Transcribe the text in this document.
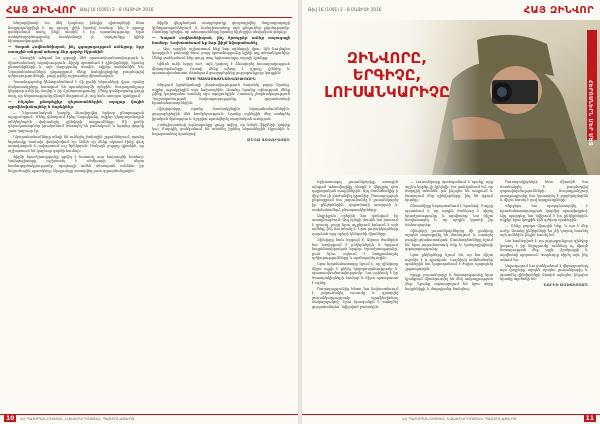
ՀԱՅ ԶԻՆՎՈՐ Թիվ 16 (1091) 2 - 8 ՄԱՅԻՍԻ 2016

Գեղարվեստի ևս մեկ կարևոր խնդիր դիտողների հետ հաղորդակցվելն է, որ պարզ լինի նրանց համար՝ ինչ է գրողը ցանկանում ասել, ինչի մասին է իր պատմությունը։ Եթե ստեղծագործությունը հասկանալի չէ, արդյունքը կլինի հիասթափություն։

— Պարոն Հովհաննիսյան, ինչ զգացողություն ունեցաք, երբ առաջին անգամ տեսաք ձեր գործը էկրանին։

— Առաջին անգամ ես զգացի մեծ պատասխանատվություն և միաժամանակ ուրախություն։ Ֆիլմը պատմում է զինվորների, նրանց ընտանիքների և այն մարդկանց մասին, ովքեր սահմանին են։ Նկարահանումների ընթացքում մենք հանդիպեցինք բազմաթիվ դժվարությունների, բայց թիմը աշխատեց միասնական։

Պատմությունը կենտրոնանում է մի քանի հերոսների վրա, որոնց ճակատագրերը հատվում են պատերազմի օրերին։ Յուրաքանչյուր կերպար ունի իր ձայնը և իր ճշմարտությունը։ Մենք ցանկացանք ցույց տալ, որ հերոսությունը միայն մարտում չէ, այլ նաև առօրյա կյանքում։

— Ինչպես ընտրեցիք դերասաններին, արդյոք կային պրոֆեսիոնալներ և նորեկներ։

— Դերասանական կազմը ձևավորվեց երկար ընտրության արդյունքում։ Մենք փնտրում էինք մարդկանց, ովքեր կկարողանային անկեղծորեն փոխանցել զինվորի ապրումները։ Մի քանի դերակատարներ իրականում ծառայել են բանակում, և նրանց փորձը շատ կարևոր էր։

Նկարահանումները տեղի են ունեցել լեռնային շրջաններում, որտեղ եղանակը հաճախ փոփոխվում էր։ Ամեն օր մենք սկսում էինք վաղ առավոտյան և ավարտում ուշ երեկոյան։ Սակայն բոլորը գիտեին, որ աշխատում են կարևոր գործի համար։

Ֆիլմի երաժշտությունը գրվել է հատուկ այս նախագծի համար։ Կոմպոզիտորը աշխատել է ռեժիսորի հետ սերտ համագործակցությամբ, որպեսզի ամեն տեսարան ունենա իր հնչյունային պատկերը։ Արդյունքը ստացվեց շատ զգացմունքային։

Ֆիլմի վերջնական տարբերակը ցուցադրվեց մայրաքաղաքի կինոթատրոններում, և հանդիսատեսը այն ընդունեց ջերմությամբ։ Շատերը նշեցին, որ տեսարանները նրանց հիշեցրին սեփական փորձը։

— Պարոն Հովհաննիսյան, ինչ ծրագրեր ունեք ապագայի համար։ Նախատեսում եք նոր ֆիլմ նկարահանել։

— Այո, արդեն աշխատում ենք նոր սցենարի վրա։ Այն նույնպես կապված է բանակի հետ, բայց պատմությունը կլինի այլ տեսանկյունից։ Մենք ցանկանում ենք ցույց տալ երիտասարդ սպայի կյանքը։

Կինոն ունի հզոր ուժ, այն կարող է ձևավորել հասարակության վերաբերմունքը։ Ուստի մենք պետք է զգույշ լինենք և պատասխանատու մոտեցում ցուցաբերենք յուրաքանչյուր կադրին։

ՄԵԾ ՊԱՏԱՍԽԱՆԱՏՎՈՒԹՅՈՒՆ

Վերջում կցանկանայի շնորհակալություն հայտնել բոլոր նրանց, ովքեր աջակցեցին այս նախագծին։ Առանց նրանց օգնության մենք չէինք կարողանա հասնել այս արդյունքին։ Հատուկ շնորհակալություն Պաշտպանության նախարարությանը և զորամասերի հրամանատարներին։

Զինվորները, որոնք մասնակցեցին նկարահանումներին, ցուցաբերեցին մեծ համբերություն։ Նրանք օգնեցին մեզ ստեղծել իրական մթնոլորտ և ճշգրիտ պատկերել ռազմական առօրյան։

Հանդիսատեսի արձագանքը ցույց տվեց, որ նման ֆիլմերի կարիք կա։ Մարդիկ ցանկանում են տեսնել իրենց հերոսներին էկրանին և հպարտանալ նրանցով։

ԱՆՆԱ ԳԵՎՈՐԳՅԱՆ

10	ՀՀ ՊԱՇՏՊԱՆՈՒԹՅԱՆ ՆԱԽԱՐԱՐՈՒԹՅԱՆ ՊԱՇՏՈՆԱԹԵՐԹ
Թիվ 16 (1091) 2 - 8 ՄԱՅԻՍԻ 2016	ՀԱՅ ԶԻՆՎՈՐ
ԶԻՆՎՈՐԸ,
ԵՐԳԻՉԸ,
ԼՈՒՍԱՆԿԱՐԻՉԸ	ՀԵՐՈՍՆԵՐՆ ՄԵՐ ՄԵՋ

Երիտասարդ լուսանկարիչը առաջին անգամ տեսախցիկը ձեռքն է վերցրել դեռ դպրոցական տարիներին։ Այդ ժամանակից ի վեր նա չի բաժանվել դրանից։ Ծառայության ընթացքում նա շարունակել է լուսանկարել իր ընկերներին, զորամասի առօրյան և սահմանամերձ բնապատկերները։

Ապրիլյան օրերին նա գտնվում էր առաջնագծում։ Այդ օրերի մասին նա խոսում է զուսպ, բայց նրա աչքերում երևում է այն ամենը, ինչ նա տեսել է։ Նրա լուսանկարները դարձան այդ օրերի կենդանի վկաները։

Զինվորը նաև երգում է։ Ազատ ժամերին նա հավաքում է ընկերներին և երգում հայրենասիրական երգեր։ Երաժշտությունը, ըստ նրա, օգնում է հաղթահարել դժվարությունները և պահպանել ոգին։

Նրա հրամանատարը նշում է, որ զինվորը միշտ աչքի է ընկել կարգապահությամբ և պատասխանատվությամբ։ Նա օրինակ է իր ծառայակիցների համար և միշտ պատրաստ է օգնել։

Ծառայությունից հետո նա նախատեսում է շարունակել ուսումը և զբաղվել լուսանկարչությամբ պրոֆեսիոնալ մակարդակով։ Նրա երազանքն է ստեղծել ցուցահանդես՝ նվիրված բանակին։

— Լուսանկարը պահպանում է պահը, որը այլևս երբեք չի կրկնվի։ Ես ցանկանում եմ, որ մարդիկ տեսնեն, թե ինչպես են ապրում և ծառայում մեր զինվորները, ինչ են զգում նրանք։

Ընտանիքը հպարտանում է նրանով։ Մայրը պատմում է, որ որդին մանկուց է սիրել երաժշտությունը և արվեստը։ Նա միշտ հավատացել է, որ որդին կգտնի իր ճանապարհը։

Զինվորի լուսանկարներից մի քանիսը արդեն տպագրվել են մամուլում և ստացել բարձր գնահատական։ Մասնագետները նշում են նրա յուրահատուկ ոճը և կոմպոզիցիայի զգացողությունը։

Նրա ընկերները նշում են, որ նա միշտ ուրախ է և դրական։ Նույնիսկ ամենածանր պահերին նա կարողանում է ժպիտ պարգևել շրջապատին։

Երգը, լուսանկարը և ծառայությունը նրա կյանքում միահյուսվել են մեկ ամբողջության մեջ։ Դրանք արտացոլում են նրա սերը հայրենիքի և մարդկանց հանդեպ։

Ծառայակիցների հետ միասին նա մասնակցել է բազմաթիվ զորավարժությունների։ Յուրաքանչյուր առաջադրանք նա կատարել է բարեխղճորեն և միշտ հասել է լավ արդյունքների։

Վերջերս նա պարգևատրվել է հրամանատարության կողմից պատվոգրով։ Այդ պարգևը նա նվիրում է իր ընկերներին, ովքեր նրա կողքին էին դժվար պահերին։

— Մենք բոլորս միասին ենք, և դա է մեր ուժը։ Առանց ընկերների ես չէի կարող հասնել այն ամենին, ինչին հասել եմ։

Նա համոզված է, որ յուրաքանչյուր զինվոր կարող է իր ներդրումը ունենալ ոչ միայն ծառայության մեջ, այլև մշակույթի և արվեստի ոլորտում։ Կարևորը սիրել այն, ինչ անում ես։

Ապագայում նա ցանկանում է վերադառնալ այս վայրերը արդեն որպես լուսանկարիչ և պատմել զինվորների մասին այնպես, ինչպես նրանք արժանի են։

ՆՈՒՆԵ ԱՎԵՏԻՍՅԱՆ

ՀՀ ՊԱՇՏՊԱՆՈՒԹՅԱՆ ՆԱԽԱՐԱՐՈՒԹՅԱՆ ՊԱՇՏՈՆԱԹԵՐԹ	11
